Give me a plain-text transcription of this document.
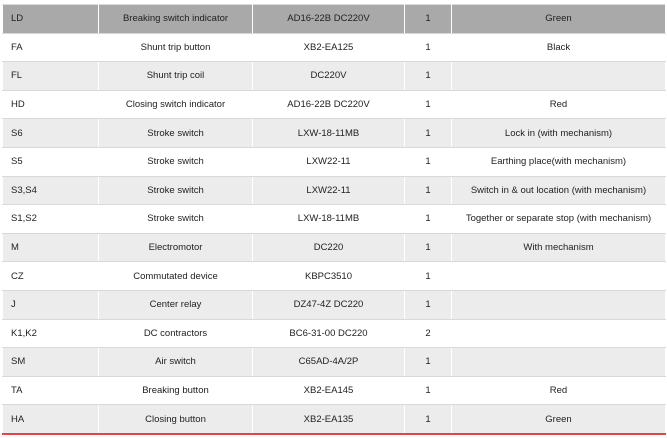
LD	Breaking switch indicator	AD16-22B DC220V	1	Green
FA	Shunt trip button	XB2-EA125	1	Black
FL	Shunt trip coil	DC220V	1	
HD	Closing switch indicator	AD16-22B DC220V	1	Red
S6	Stroke switch	LXW-18-11MB	1	Lock in (with mechanism)
S5	Stroke switch	LXW22-11	1	Earthing place(with mechanism)
S3,S4	Stroke switch	LXW22-11	1	Switch in & out location (with mechanism)
S1,S2	Stroke switch	LXW-18-11MB	1	Together or separate stop (with mechanism)
M	Electromotor	DC220	1	With mechanism
CZ	Commutated device	KBPC3510	1	
J	Center relay	DZ47-4Z DC220	1	
K1,K2	DC contractors	BC6-31-00 DC220	2	
SM	Air switch	C65AD-4A/2P	1	
TA	Breaking button	XB2-EA145	1	Red
HA	Closing button	XB2-EA135	1	Green
